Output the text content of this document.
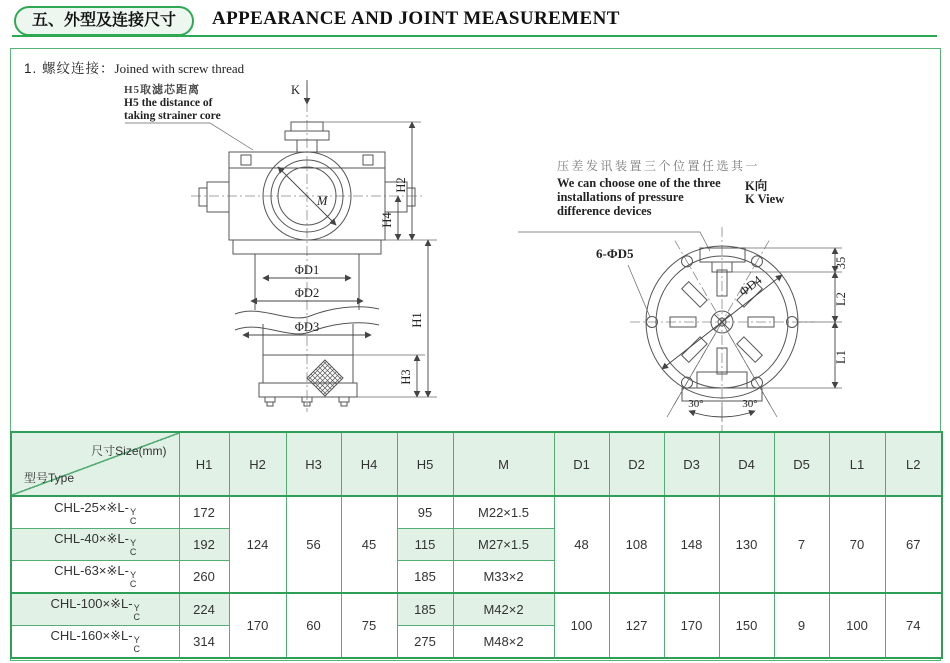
五、外型及连接尺寸	APPEARANCE AND JOINT MEASUREMENT
1. 螺纹连接：Joined with screw thread
H5取滤芯距离
H5 the distance of
taking strainer core
压差发讯装置三个位置任选其一
We can choose one of the three
installations of pressure
difference devices
K向
K View
6-ΦD5
K
M
ΦD1
ΦD2
ΦD3
H2
H4
H1
H3
ΦD4
35
L2
L1
30°	30°
尺寸Size(mm)
型号Type	H1	H2	H3	H4	H5	M	D1	D2	D3	D4	D5	L1	L2
CHL-25×※L- Y
C	172	124	56	45	95	M22×1.5	48	108	148	130	7	70	67
CHL-40×※L- Y
C	192				115	M27×1.5							
CHL-63×※L- Y
C	260				185	M33×2							
CHL-100×※L- Y
C	224	170	60	75	185	M42×2	100	127	170	150	9	100	74
CHL-160×※L- Y
C	314				275	M48×2							
